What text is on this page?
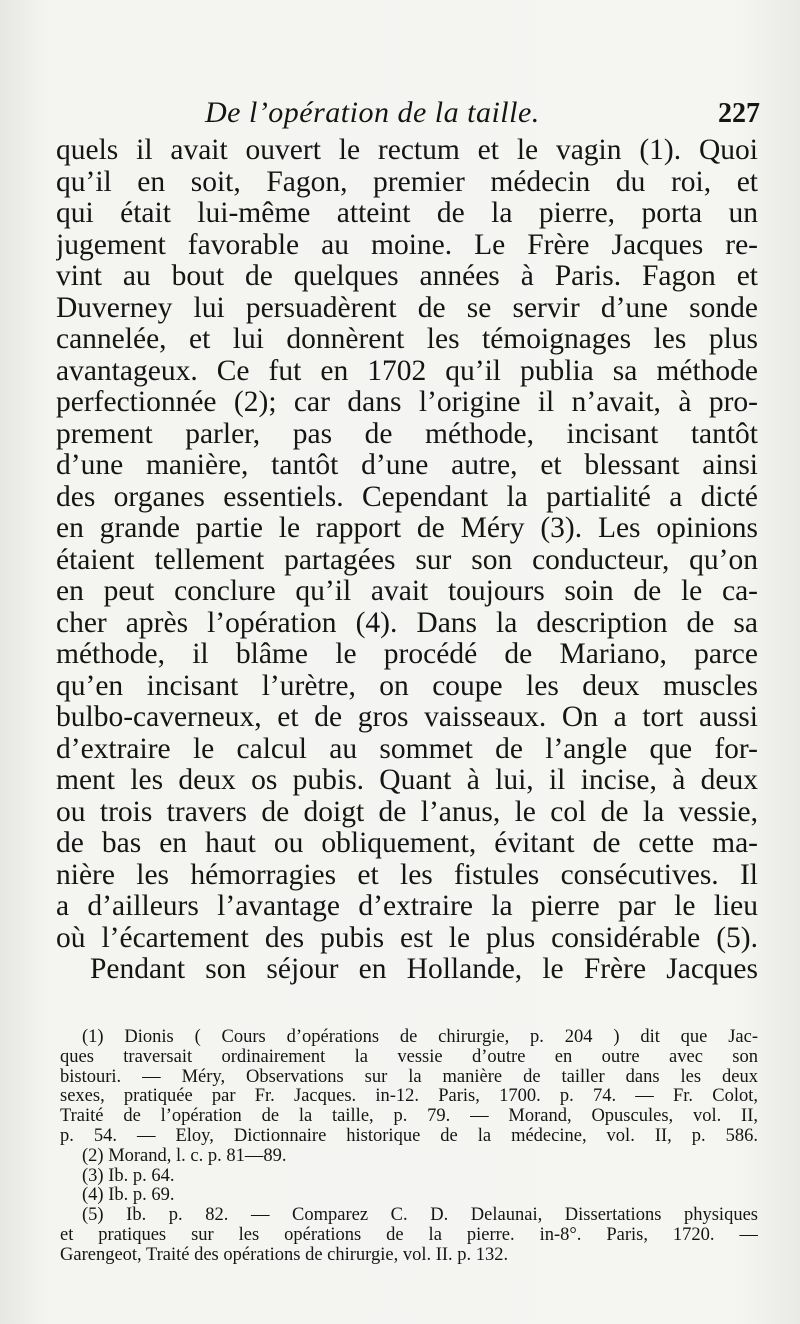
De l’opération de la taille.	227
quels il avait ouvert le rectum et le vagin (1). Quoi
qu’il en soit, Fagon, premier médecin du roi, et
qui était lui-même atteint de la pierre, porta un
jugement favorable au moine. Le Frère Jacques re-
vint au bout de quelques années à Paris. Fagon et
Duverney lui persuadèrent de se servir d’une sonde
cannelée, et lui donnèrent les témoignages les plus
avantageux. Ce fut en 1702 qu’il publia sa méthode
perfectionnée (2); car dans l’origine il n’avait, à pro-
prement parler, pas de méthode, incisant tantôt
d’une manière, tantôt d’une autre, et blessant ainsi
des organes essentiels. Cependant la partialité a dicté
en grande partie le rapport de Méry (3). Les opinions
étaient tellement partagées sur son conducteur, qu’on
en peut conclure qu’il avait toujours soin de le ca-
cher après l’opération (4). Dans la description de sa
méthode, il blâme le procédé de Mariano, parce
qu’en incisant l’urètre, on coupe les deux muscles
bulbo-caverneux, et de gros vaisseaux. On a tort aussi
d’extraire le calcul au sommet de l’angle que for-
ment les deux os pubis. Quant à lui, il incise, à deux
ou trois travers de doigt de l’anus, le col de la vessie,
de bas en haut ou obliquement, évitant de cette ma-
nière les hémorragies et les fistules consécutives. Il
a d’ailleurs l’avantage d’extraire la pierre par le lieu
où l’écartement des pubis est le plus considérable (5).
Pendant son séjour en Hollande, le Frère Jacques
(1) Dionis ( Cours d’opérations de chirurgie, p. 204 ) dit que Jac-
ques traversait ordinairement la vessie d’outre en outre avec son
bistouri. — Méry, Observations sur la manière de tailler dans les deux
sexes, pratiquée par Fr. Jacques. in-12. Paris, 1700. p. 74. — Fr. Colot,
Traité de l’opération de la taille, p. 79. — Morand, Opuscules, vol. II,
p. 54. — Eloy, Dictionnaire historique de la médecine, vol. II, p. 586.
(2) Morand, l. c. p. 81—89.
(3) Ib. p. 64.
(4) Ib. p. 69.
(5) Ib. p. 82. — Comparez C. D. Delaunai, Dissertations physiques
et pratiques sur les opérations de la pierre. in-8°. Paris, 1720. —
Garengeot, Traité des opérations de chirurgie, vol. II. p. 132.
